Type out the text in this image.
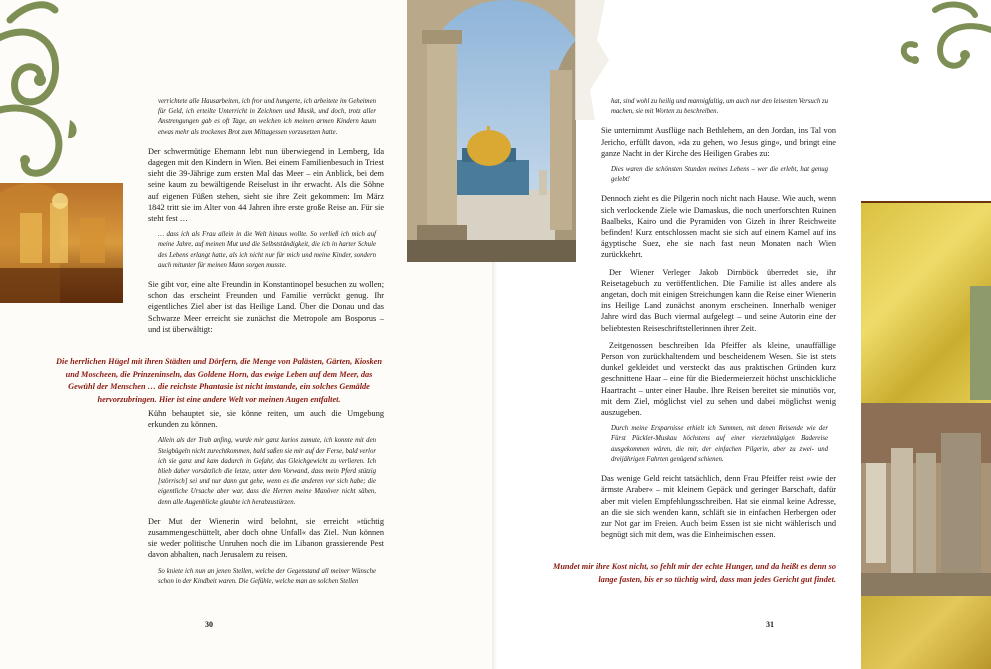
verrichtete alle Hausarbeiten, ich fror und hungerte, ich arbeitete im Geheimen für Geld, ich erteilte Unterricht in Zeichnen und Musik, und doch, trotz aller Anstrengungen gab es oft Tage, an welchen ich meinen armen Kindern kaum etwas mehr als trockenes Brot zum Mittagessen vorzusetzen hatte.

Der schwermütige Ehemann lebt nun überwiegend in Lemberg, Ida dagegen mit den Kindern in Wien. Bei einem Familienbesuch in Triest sieht die 39-Jährige zum ersten Mal das Meer – ein Anblick, bei dem seine kaum zu bewältigende Reiselust in ihr erwacht. Als die Söhne auf eigenen Füßen stehen, sieht sie ihre Zeit gekommen: Im März 1842 tritt sie im Alter von 44 Jahren ihre erste große Reise an. Für sie steht fest …

… dass ich als Frau allein in die Welt hinaus wollte. So verließ ich mich auf meine Jahre, auf meinen Mut und die Selbstständigkeit, die ich in harter Schule des Lebens erlangt hatte, als ich nicht nur für mich und meine Kinder, sondern auch mitunter für meinen Mann sorgen musste.

Sie gibt vor, eine alte Freundin in Konstantinopel besuchen zu wollen; schon das erscheint Freunden und Familie verrückt genug. Ihr eigentliches Ziel aber ist das Heilige Land. Über die Donau und das Schwarze Meer erreicht sie zunächst die Metropole am Bosporus – und ist überwältigt:

Die herrlichen Hügel mit ihren Städten und Dörfern, die Menge von Palästen, Gärten, Kiosken und Moscheen, die Prinzeninseln, das Goldene Horn, das ewige Leben auf dem Meer, das Gewühl der Menschen … die reichste Phantasie ist nicht imstande, ein solches Gemälde hervorzubringen. Hier ist eine andere Welt vor meinen Augen entfaltet.

Kühn behauptet sie, sie könne reiten, um auch die Umgebung erkunden zu können.

Allein als der Trab anfing, wurde mir ganz kurios zumute, ich konnte mit den Steigbügeln nicht zurechtkommen, bald saßen sie mir auf der Ferse, bald verlor ich sie ganz und kam dadurch in Gefahr, das Gleichgewicht zu verlieren. Ich blieb daher vorsätzlich die letzte, unter dem Vorwand, dass mein Pferd stützig [störrisch] sei und nur dann gut gehe, wenn es die anderen vor sich habe; die eigentliche Ursache aber war, dass die Herren meine Manöver nicht sähen, denn alle Augenblicke glaubte ich herabzustürzen.

Der Mut der Wienerin wird belohnt, sie erreicht »tüchtig zusammengeschüttelt, aber doch ohne Unfall« das Ziel. Nun können sie weder politische Unruhen noch die im Libanon grassierende Pest davon abhalten, nach Jerusalem zu reisen.

So kniete ich nun an jenen Stellen, welche der Gegenstand all meiner Wünsche schon in der Kindheit waren. Die Gefühle, welche man an solchen Stellen

30

hat, sind wohl zu heilig und mannigfaltig, um auch nur den leisesten Versuch zu machen, sie mit Worten zu beschreiben.

Sie unternimmt Ausflüge nach Bethlehem, an den Jordan, ins Tal von Jericho, erfüllt davon, »da zu gehen, wo Jesus ging«, und bringt eine ganze Nacht in der Kirche des Heiligen Grabes zu:

Dies waren die schönsten Stunden meines Lebens – wer die erlebt, hat genug gelebt!

Dennoch zieht es die Pilgerin noch nicht nach Hause. Wie auch, wenn sich verlockende Ziele wie Damaskus, die noch unerforschten Ruinen Baalbeks, Kairo und die Pyramiden von Gizeh in ihrer Reichweite befinden! Kurz entschlossen macht sie sich auf einem Kamel auf ins ägyptische Suez, ehe sie nach fast neun Monaten nach Wien zurückkehrt.

Der Wiener Verleger Jakob Dirnböck überredet sie, ihr Reisetagebuch zu veröffentlichen. Die Familie ist alles andere als angetan, doch mit einigen Streichungen kann die Reise einer Wienerin ins Heilige Land zunächst anonym erscheinen. Innerhalb weniger Jahre wird das Buch viermal aufgelegt – und seine Autorin eine der beliebtesten Reiseschriftstellerinnen ihrer Zeit.

Zeitgenossen beschreiben Ida Pfeiffer als kleine, unauffällige Person von zurückhaltendem und bescheidenem Wesen. Sie ist stets dunkel gekleidet und versteckt das aus praktischen Gründen kurz geschnittene Haar – eine für die Biedermeierzeit höchst unschickliche Haartracht – unter einer Haube. Ihre Reisen bereitet sie minutiös vor, mit dem Ziel, möglichst viel zu sehen und dabei möglichst wenig auszugeben.

Durch meine Ersparnisse erhielt ich Summen, mit denen Reisende wie der Fürst Pückler-Muskau höchstens auf einer vierzehntägigen Badereise ausgekommen wären, die mir, der einfachen Pilgerin, aber zu zwei- und dreijährigen Fahrten genügend schienen.

Das wenige Geld reicht tatsächlich, denn Frau Pfeiffer reist »wie der ärmste Araber« – mit kleinem Gepäck und geringer Barschaft, dafür aber mit vielen Empfehlungsschreiben. Hat sie einmal keine Adresse, an die sie sich wenden kann, schläft sie in einfachen Herbergen oder zur Not gar im Freien. Auch beim Essen ist sie nicht wählerisch und begnügt sich mit dem, was die Einheimischen essen.

Mundet mir ihre Kost nicht, so fehlt mir der echte Hunger, und da heißt es denn so lange fasten, bis er so tüchtig wird, dass man jedes Gericht gut findet.

31
